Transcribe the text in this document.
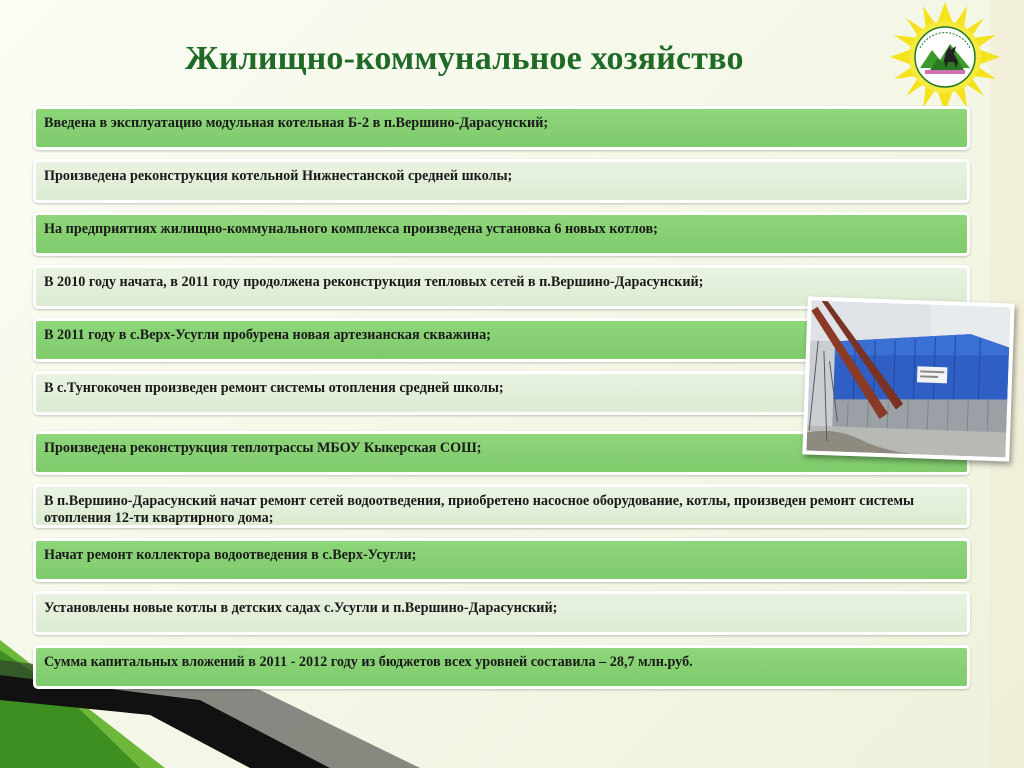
Жилищно-коммунальное хозяйство
Введена в эксплуатацию модульная котельная Б-2 в п.Вершино-Дарасунский;
Произведена реконструкция котельной Нижнестанской средней школы;
На предприятиях жилищно-коммунального комплекса произведена установка 6 новых котлов;
В 2010 году начата, в 2011 году продолжена реконструкция тепловых сетей в п.Вершино-Дарасунский;
В 2011 году в с.Верх-Усугли пробурена новая артезианская скважина;
В с.Тунгокочен произведен ремонт системы отопления средней школы;
Произведена реконструкция теплотрассы МБОУ Кыкерская СОШ;
В п.Вершино-Дарасунский начат ремонт сетей водоотведения, приобретено насосное оборудование, котлы, произведен ремонт системы отопления 12-ти квартирного дома;
Начат ремонт коллектора водоотведения в с.Верх-Усугли;
Установлены новые котлы в детских садах с.Усугли и п.Вершино-Дарасунский;
Сумма капитальных вложений в 2011 - 2012 году из бюджетов всех уровней составила – 28,7 млн.руб.
